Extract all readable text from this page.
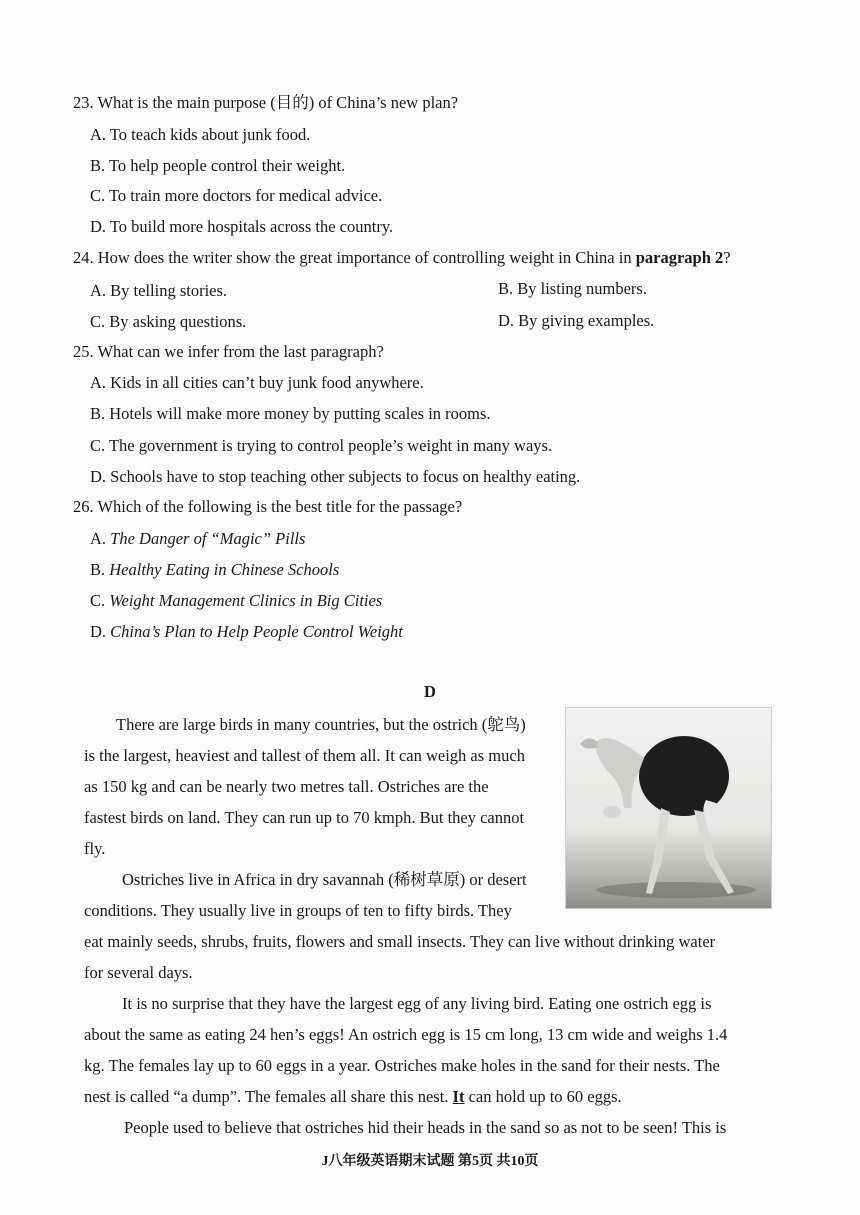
23. What is the main purpose (目的) of China’s new plan?
A. To teach kids about junk food.
B. To help people control their weight.
C. To train more doctors for medical advice.
D. To build more hospitals across the country.
24. How does the writer show the great importance of controlling weight in China in paragraph 2?
A. By telling stories.	B. By listing numbers.
C. By asking questions.	D. By giving examples.
25. What can we infer from the last paragraph?
A. Kids in all cities can’t buy junk food anywhere.
B. Hotels will make more money by putting scales in rooms.
C. The government is trying to control people’s weight in many ways.
D. Schools have to stop teaching other subjects to focus on healthy eating.
26. Which of the following is the best title for the passage?
A. The Danger of “Magic” Pills
B. Healthy Eating in Chinese Schools
C. Weight Management Clinics in Big Cities
D. China’s Plan to Help People Control Weight
D
There are large birds in many countries, but the ostrich (鸵鸟)
is the largest, heaviest and tallest of them all. It can weigh as much
as 150 kg and can be nearly two metres tall. Ostriches are the
fastest birds on land. They can run up to 70 kmph. But they cannot
fly.
Ostriches live in Africa in dry savannah (稀树草原) or desert
conditions. They usually live in groups of ten to fifty birds. They
eat mainly seeds, shrubs, fruits, flowers and small insects. They can live without drinking water
for several days.
It is no surprise that they have the largest egg of any living bird. Eating one ostrich egg is
about the same as eating 24 hen’s eggs! An ostrich egg is 15 cm long, 13 cm wide and weighs 1.4
kg. The females lay up to 60 eggs in a year. Ostriches make holes in the sand for their nests. The
nest is called “a dump”. The females all share this nest. It can hold up to 60 eggs.
People used to believe that ostriches hid their heads in the sand so as not to be seen! This is
J八年级英语期末试题 第5页 共10页
